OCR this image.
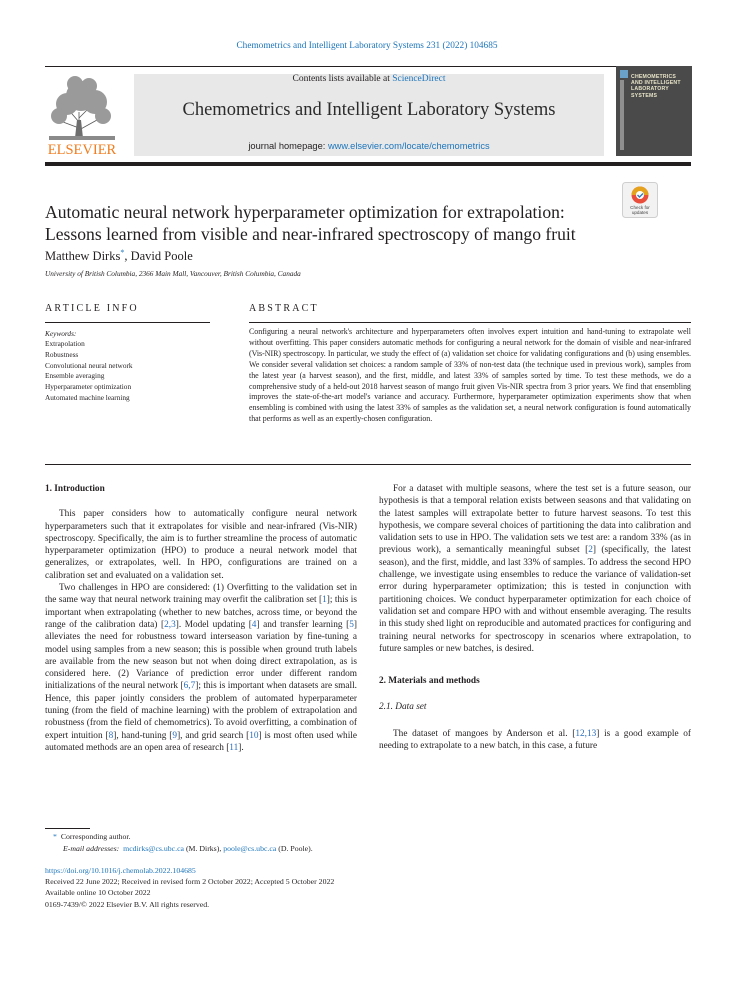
Chemometrics and Intelligent Laboratory Systems 231 (2022) 104685
ELSEVIER
Contents lists available at ScienceDirect
Chemometrics and Intelligent Laboratory Systems
journal homepage: www.elsevier.com/locate/chemometrics
CHEMOMETRICS AND INTELLIGENT LABORATORY SYSTEMS
Check for
updates
Automatic neural network hyperparameter optimization for extrapolation:
Lessons learned from visible and near-infrared spectroscopy of mango fruit
Matthew Dirks*, David Poole
University of British Columbia, 2366 Main Mall, Vancouver, British Columbia, Canada
ARTICLE INFO	ABSTRACT
Keywords:
Extrapolation
Robustness
Convolutional neural network
Ensemble averaging
Hyperparameter optimization
Automated machine learning
Configuring a neural network's architecture and hyperparameters often involves expert intuition and hand-tuning to extrapolate well without overfitting. This paper considers automatic methods for configuring a neural network for the domain of visible and near-infrared (Vis-NIR) spectroscopy. In particular, we study the effect of (a) validation set choice for validating configurations and (b) using ensembles. We consider several validation set choices: a random sample of 33% of non-test data (the technique used in previous work), samples from the latest year (a harvest season), and the first, middle, and latest 33% of samples sorted by time. To test these methods, we do a comprehensive study of a held-out 2018 harvest season of mango fruit given Vis-NIR spectra from 3 prior years. We find that ensembling improves the state-of-the-art model's variance and accuracy. Furthermore, hyperparameter optimization experiments show that when ensembling is combined with using the latest 33% of samples as the validation set, a neural network configuration is found automatically that performs as well as an expertly-chosen configuration.

1. Introduction

This paper considers how to automatically configure neural network hyperparameters such that it extrapolates for visible and near-infrared (Vis-NIR) spectroscopy. Specifically, the aim is to further streamline the process of automatic hyperparameter optimization (HPO) to produce a neural network model that generalizes, or extrapolates, well. In HPO, configurations are trained on a calibration set and evaluated on a validation set.

Two challenges in HPO are considered: (1) Overfitting to the validation set in the same way that neural network training may overfit the calibration set [1]; this is important when extrapolating (whether to new batches, across time, or beyond the range of the calibration data) [2,3]. Model updating [4] and transfer learning [5] alleviates the need for robustness toward interseason variation by fine-tuning a model using samples from a new season; this is possible when ground truth labels are available from the new season but not when doing direct extrapolation, as is considered here. (2) Variance of prediction error under different random initializations of the neural network [6,7]; this is important when datasets are small. Hence, this paper jointly considers the problem of automated hyperparameter tuning (from the field of machine learning) with the problem of extrapolation and robustness (from the field of chemometrics). To avoid overfitting, a combination of expert intuition [8], hand-tuning [9], and grid search [10] is most often used while automated methods are an open area of research [11].

For a dataset with multiple seasons, where the test set is a future season, our hypothesis is that a temporal relation exists between seasons and that validating on the latest samples will extrapolate better to future harvest seasons. To test this hypothesis, we compare several choices of partitioning the data into calibration and validation sets to use in HPO. The validation sets we test are: a random 33% (as in previous work), a semantically meaningful subset [2] (specifically, the latest season), and the first, middle, and last 33% of samples. To address the second HPO challenge, we investigate using ensembles to reduce the variance of validation-set error during hyperparameter optimization; this is tested in conjunction with partitioning choices. We conduct hyperparameter optimization for each choice of validation set and compare HPO with and without ensemble averaging. The results in this study shed light on reproducible and automated practices for configuring and training neural networks for spectroscopy in scenarios where extrapolation, to future samples or new batches, is desired.

2. Materials and methods

2.1. Data set

The dataset of mangoes by Anderson et al. [12,13] is a good example of needing to extrapolate to a new batch, in this case, a future

* Corresponding author.
E-mail addresses: mcdirks@cs.ubc.ca (M. Dirks), poole@cs.ubc.ca (D. Poole).
https://doi.org/10.1016/j.chemolab.2022.104685
Received 22 June 2022; Received in revised form 2 October 2022; Accepted 5 October 2022
Available online 10 October 2022
0169-7439/© 2022 Elsevier B.V. All rights reserved.
